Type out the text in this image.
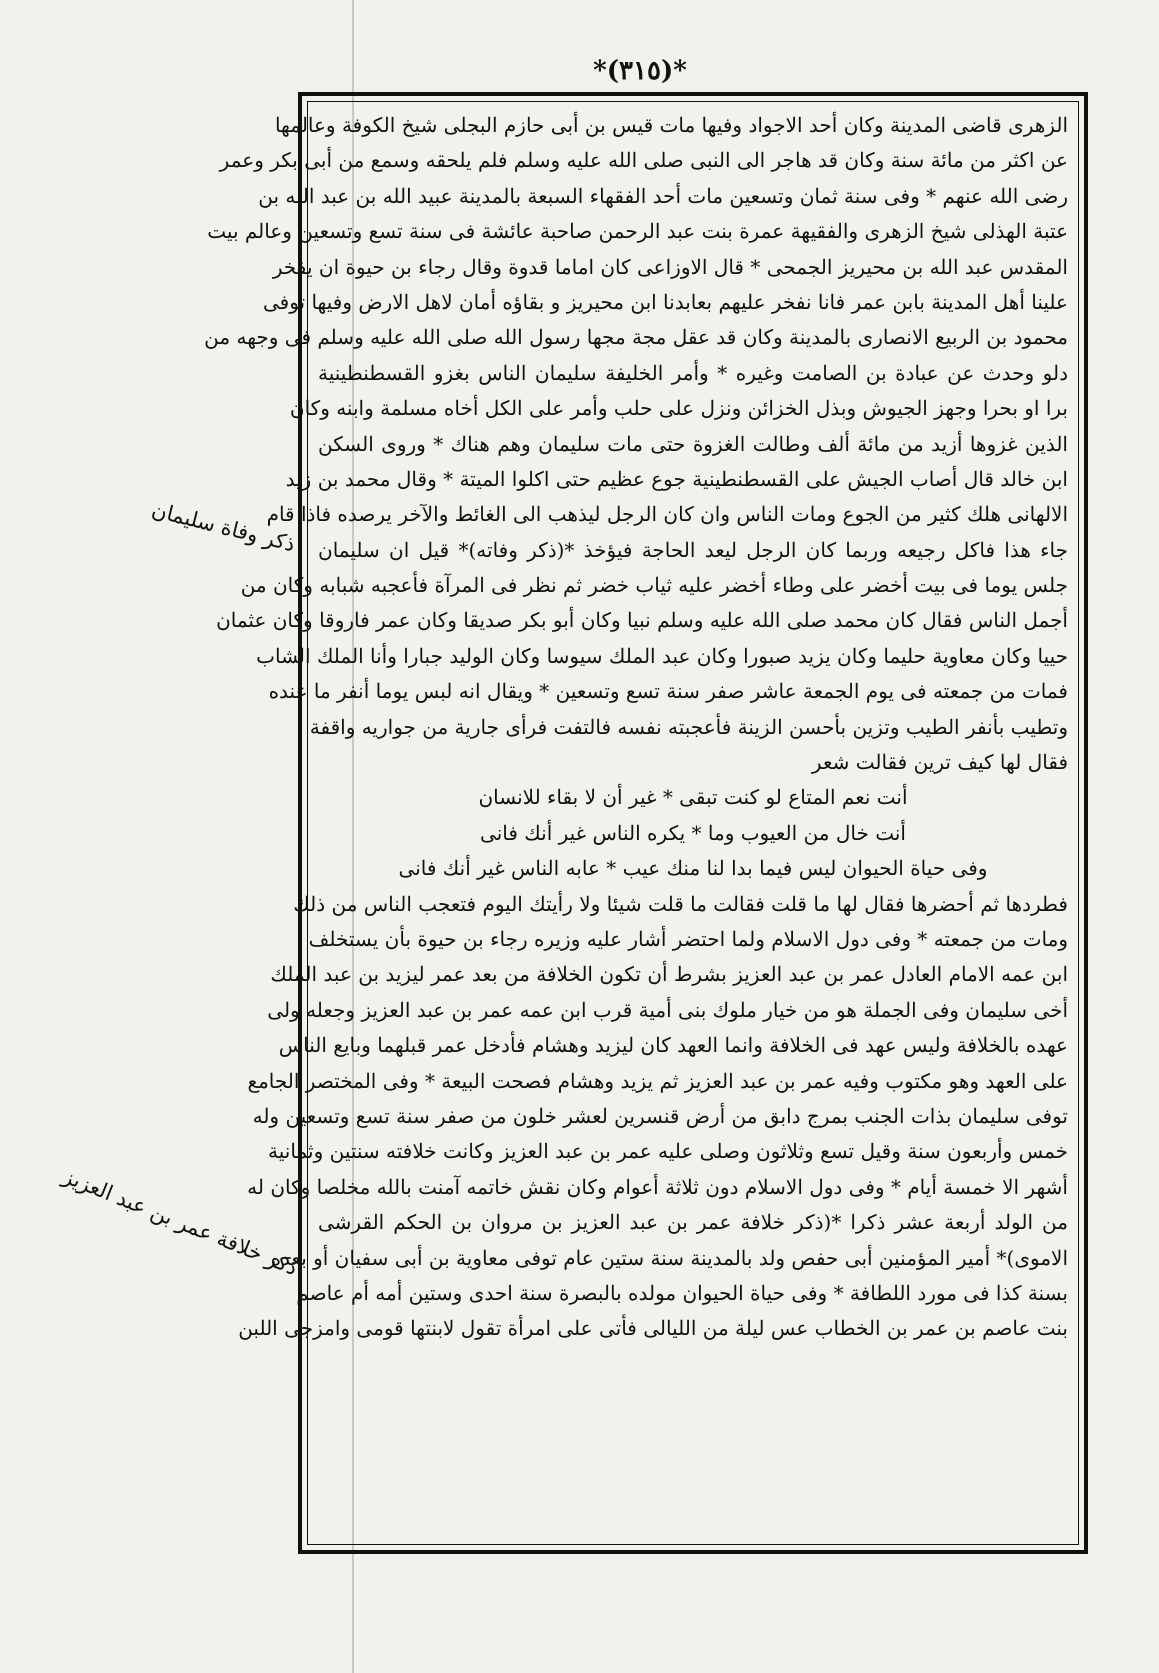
*(٣١٥)*
الزهرى قاضى المدينة وكان أحد الاجواد وفيها مات قيس بن أبى حازم البجلى شيخ الكوفة وعالمها
عن اكثر من مائة سنة وكان قد هاجر الى النبى صلى الله عليه وسلم فلم يلحقه وسمع من أبى بكر وعمر
رضى الله عنهم * وفى سنة ثمان وتسعين مات أحد الفقهاء السبعة بالمدينة عبيد الله بن عبد الله بن
عتبة الهذلى شيخ الزهرى والفقيهة عمرة بنت عبد الرحمن صاحبة عائشة فى سنة تسع وتسعين وعالم بيت
المقدس عبد الله بن محيريز الجمحى * قال الاوزاعى كان اماما قدوة وقال رجاء بن حيوة ان يفخر
علينا أهل المدينة بابن عمر فانا نفخر عليهم بعابدنا ابن محيريز و بقاؤه أمان لاهل الارض وفيها توفى
محمود بن الربيع الانصارى بالمدينة وكان قد عقل مجة مجها رسول الله صلى الله عليه وسلم فى وجهه من
دلو وحدث عن عبادة بن الصامت وغيره * وأمر الخليفة سليمان الناس بغزو القسطنطينية
برا او بحرا وجهز الجيوش وبذل الخزائن ونزل على حلب وأمر على الكل أخاه مسلمة وابنه وكان
الذين غزوها أزيد من مائة ألف وطالت الغزوة حتى مات سليمان وهم هناك * وروى السكن
ابن خالد قال أصاب الجيش على القسطنطينية جوع عظيم حتى اكلوا الميتة * وقال محمد بن زيد
الالهانى هلك كثير من الجوع ومات الناس وان كان الرجل ليذهب الى الغائط والآخر يرصده فاذا قام
جاء هذا فاكل رجيعه وربما كان الرجل ليعد الحاجة فيؤخذ *(ذكر وفاته)* قيل ان سليمان
جلس يوما فى بيت أخضر على وطاء أخضر عليه ثياب خضر ثم نظر فى المرآة فأعجبه شبابه وكان من
أجمل الناس فقال كان محمد صلى الله عليه وسلم نبيا وكان أبو بكر صديقا وكان عمر فاروقا وكان عثمان
حييا وكان معاوية حليما وكان يزيد صبورا وكان عبد الملك سيوسا وكان الوليد جبارا وأنا الملك الشاب
فمات من جمعته فى يوم الجمعة عاشر صفر سنة تسع وتسعين * ويقال انه لبس يوما أنفر ما عنده
وتطيب بأنفر الطيب وتزين بأحسن الزينة فأعجبته نفسه فالتفت فرأى جارية من جواريه واقفة
فقال لها كيف ترين فقالت شعر
أنت نعم المتاع لو كنت تبقى * غير أن لا بقاء للانسان
أنت خال من العيوب وما * يكره الناس غير أنك فانى
وفى حياة الحيوان ليس فيما بدا لنا منك عيب * عابه الناس غير أنك فانى
فطردها ثم أحضرها فقال لها ما قلت فقالت ما قلت شيئا ولا رأيتك اليوم فتعجب الناس من ذلك
ومات من جمعته * وفى دول الاسلام ولما احتضر أشار عليه وزيره رجاء بن حيوة بأن يستخلف
ابن عمه الامام العادل عمر بن عبد العزيز بشرط أن تكون الخلافة من بعد عمر ليزيد بن عبد الملك
أخى سليمان وفى الجملة هو من خيار ملوك بنى أمية قرب ابن عمه عمر بن عبد العزيز وجعله ولى
عهده بالخلافة وليس عهد فى الخلافة وانما العهد كان ليزيد وهشام فأدخل عمر قبلهما وبايع الناس
على العهد وهو مكتوب وفيه عمر بن عبد العزيز ثم يزيد وهشام فصحت البيعة * وفى المختصر الجامع
توفى سليمان بذات الجنب بمرج دابق من أرض قنسرين لعشر خلون من صفر سنة تسع وتسعين وله
خمس وأربعون سنة وقيل تسع وثلاثون وصلى عليه عمر بن عبد العزيز وكانت خلافته سنتين وثمانية
أشهر الا خمسة أيام * وفى دول الاسلام دون ثلاثة أعوام وكان نقش خاتمه آمنت بالله مخلصا وكان له
من الولد أربعة عشر ذكرا *(ذكر خلافة عمر بن عبد العزيز بن مروان بن الحكم القرشى
الاموى)* أمير المؤمنين أبى حفص ولد بالمدينة سنة ستين عام توفى معاوية بن أبى سفيان أو بعده
بسنة كذا فى مورد اللطافة * وفى حياة الحيوان مولده بالبصرة سنة احدى وستين أمه أم عاصم
بنت عاصم بن عمر بن الخطاب عس ليلة من الليالى فأتى على امرأة تقول لابنتها قومى وامزجى اللبن
ذكر وفاة سليمان
ذكر خلافة عمر بن عبد العزيز
